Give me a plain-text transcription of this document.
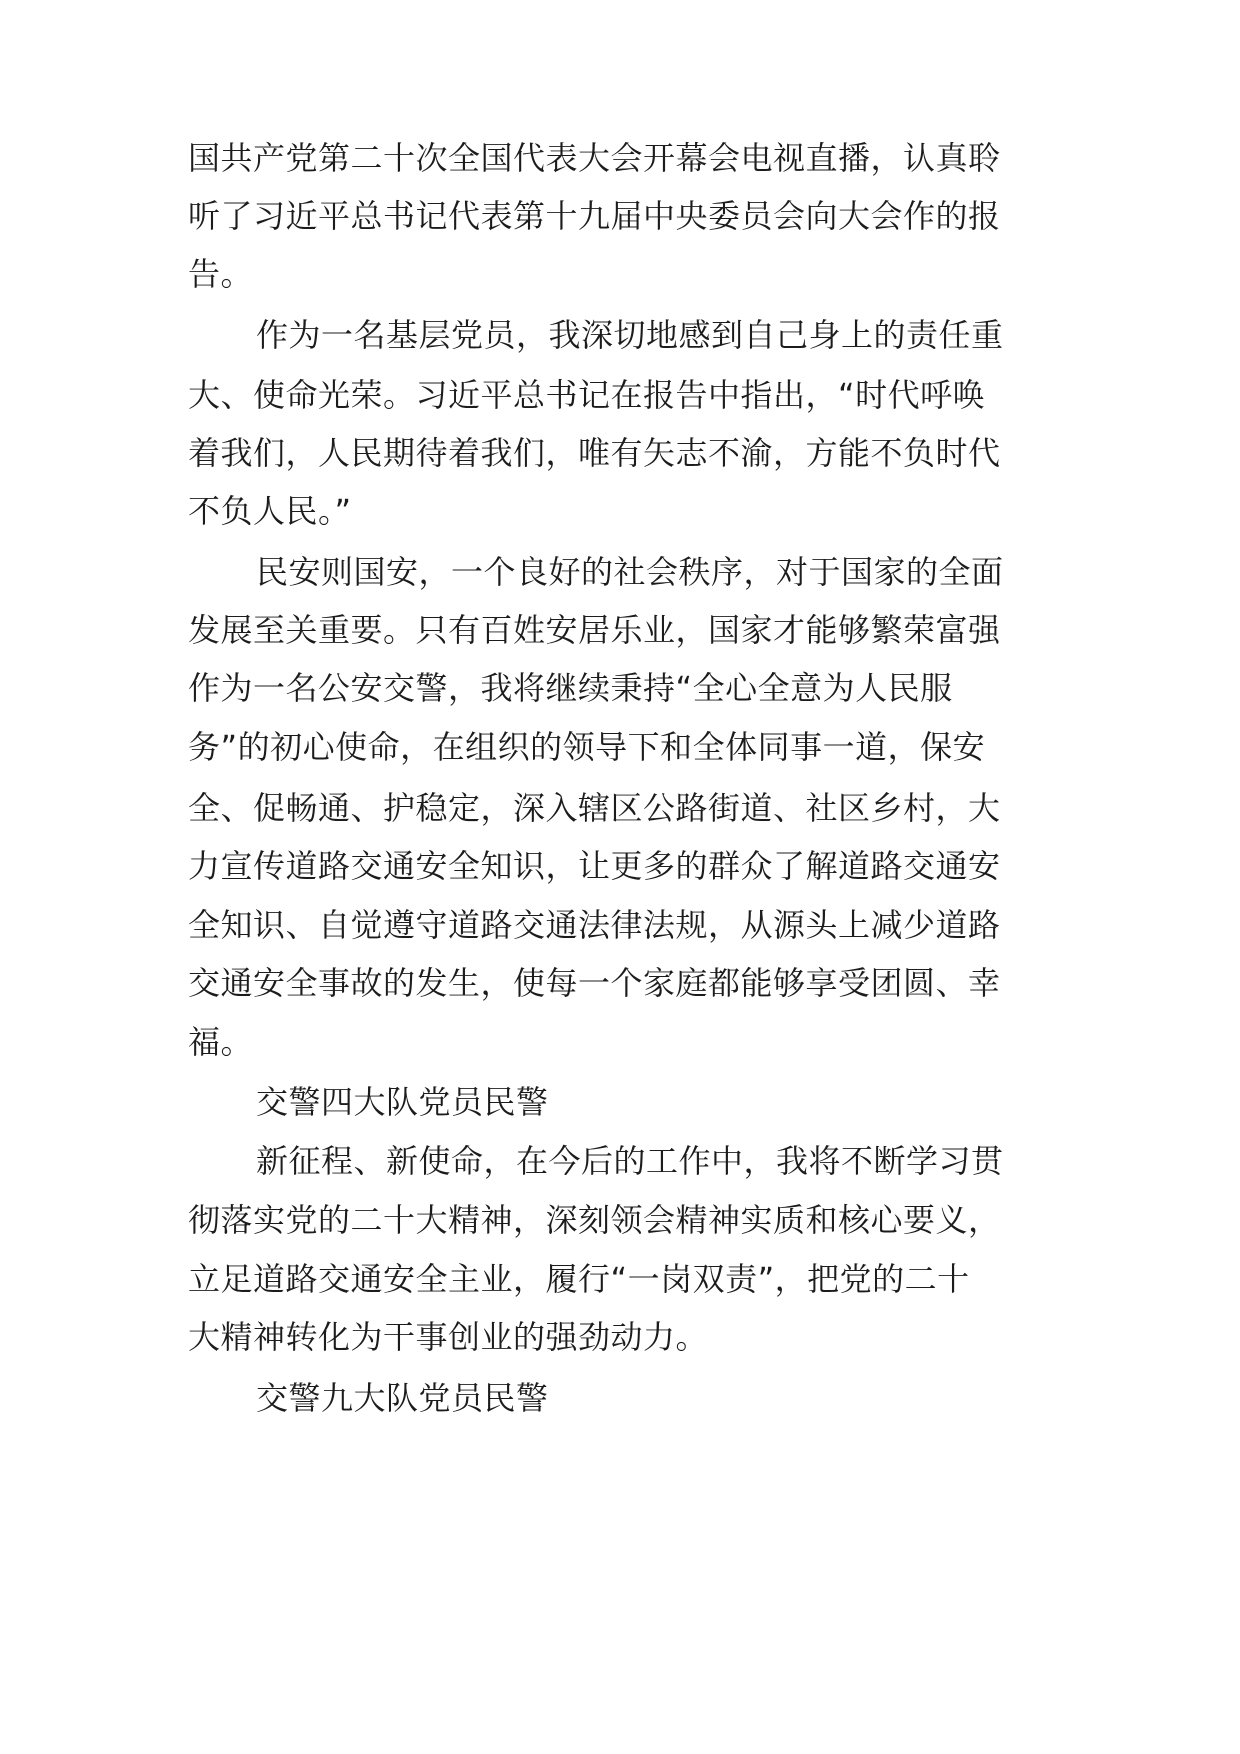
国共产党第二十次全国代表大会开幕会电视直播，认真聆
听了习近平总书记代表第十九届中央委员会向大会作的报
告。
作为一名基层党员，我深切地感到自己身上的责任重
大、使命光荣。习近平总书记在报告中指出，“时代呼唤
着我们，人民期待着我们，唯有矢志不渝，方能不负时代
不负人民。”
民安则国安，一个良好的社会秩序，对于国家的全面
发展至关重要。只有百姓安居乐业，国家才能够繁荣富强
作为一名公安交警，我将继续秉持“全心全意为人民服
务”的初心使命，在组织的领导下和全体同事一道，保安
全、促畅通、护稳定，深入辖区公路街道、社区乡村，大
力宣传道路交通安全知识，让更多的群众了解道路交通安
全知识、自觉遵守道路交通法律法规，从源头上减少道路
交通安全事故的发生，使每一个家庭都能够享受团圆、幸
福。
交警四大队党员民警
新征程、新使命，在今后的工作中，我将不断学习贯
彻落实党的二十大精神，深刻领会精神实质和核心要义，
立足道路交通安全主业，履行“一岗双责”，把党的二十
大精神转化为干事创业的强劲动力。
交警九大队党员民警
